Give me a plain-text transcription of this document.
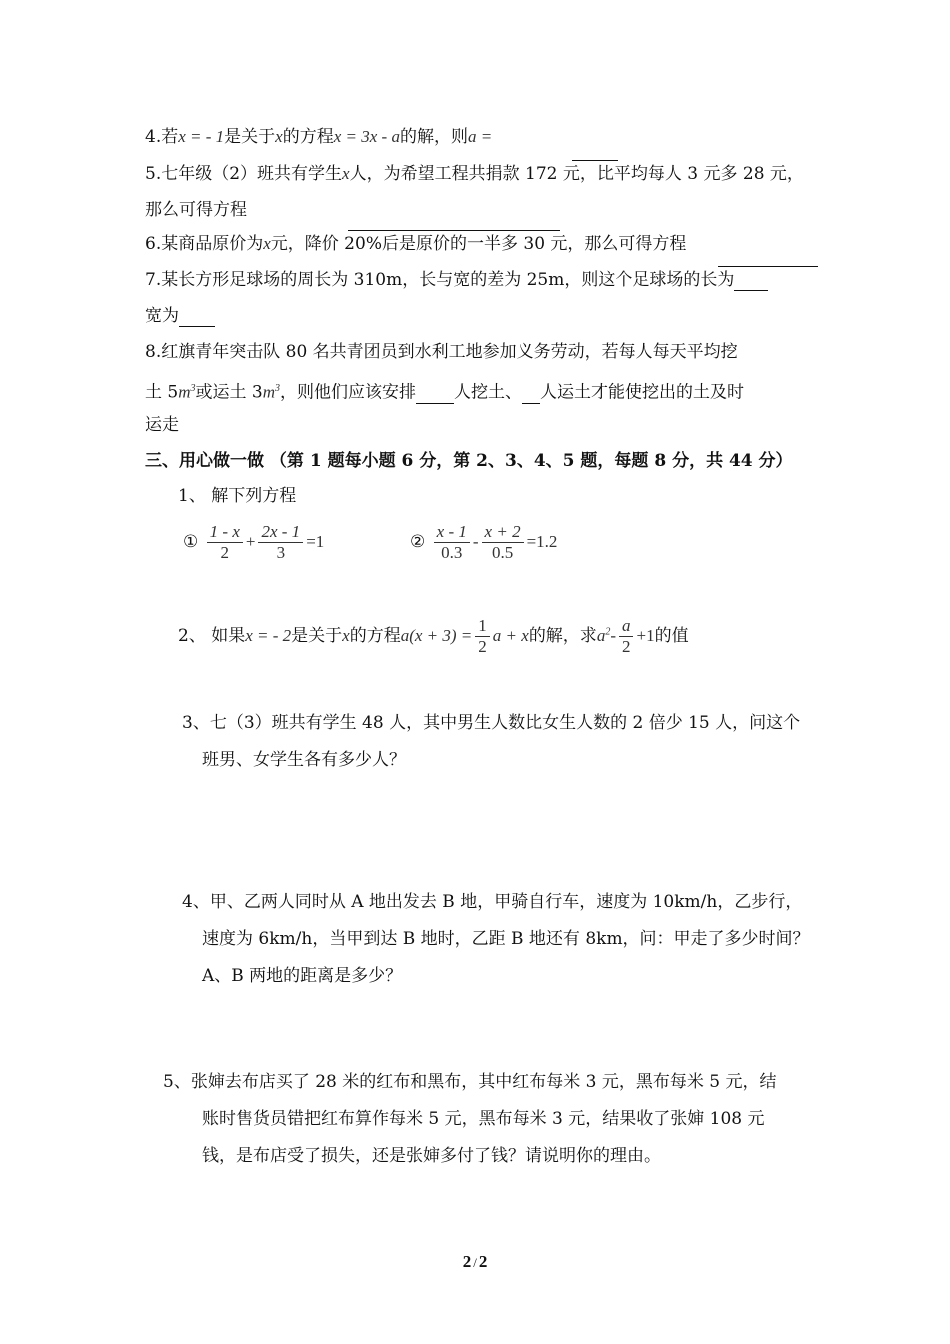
4.若x = - 1是关于x的方程x = 3x - a的解，则a =
5.七年级（2）班共有学生x人，为希望工程共捐款 172 元，比平均每人 3 元多 28 元，
那么可得方程
6.某商品原价为x元，降价 20%后是原价的一半多 30 元，那么可得方程
7.某长方形足球场的周长为 310m，长与宽的差为 25m，则这个足球场的长为
宽为
8.红旗青年突击队 80 名共青团员到水利工地参加义务劳动，若每人每天平均挖
土 $5m^3$或运土 $3m^3$，则他们应该安排 人挖土、 人运土才能使挖出的土及时
运走
三、用心做一做 （第 1 题每小题 6 分，第 2、3、4、5 题，每题 8 分，共 44 分）
1、 解下列方程
① $\frac{1 - x}{2} + \frac{2x - 1}{3} =1$	② $\frac{x - 1}{0.3} - \frac{x + 2}{0.5} =1.2$
2、 如果x = - 2是关于x的方程$a(x + 3) = \frac{1}{2}$ a + x的解，求$a^2- \frac{a}{2} +1$的值
3、七（3）班共有学生 48 人，其中男生人数比女生人数的 2 倍少 15 人，问这个
班男、女学生各有多少人？
4、甲、乙两人同时从 A 地出发去 B 地，甲骑自行车，速度为 10km/h，乙步行，
速度为 6km/h，当甲到达 B 地时，乙距 B 地还有 8km，问：甲走了多少时间？
A、B 两地的距离是多少？
5、张婶去布店买了 28 米的红布和黑布，其中红布每米 3 元，黑布每米 5 元，结
账时售货员错把红布算作每米 5 元，黑布每米 3 元，结果收了张婶 108 元
钱，是布店受了损失，还是张婶多付了钱？请说明你的理由。
2 / 2
